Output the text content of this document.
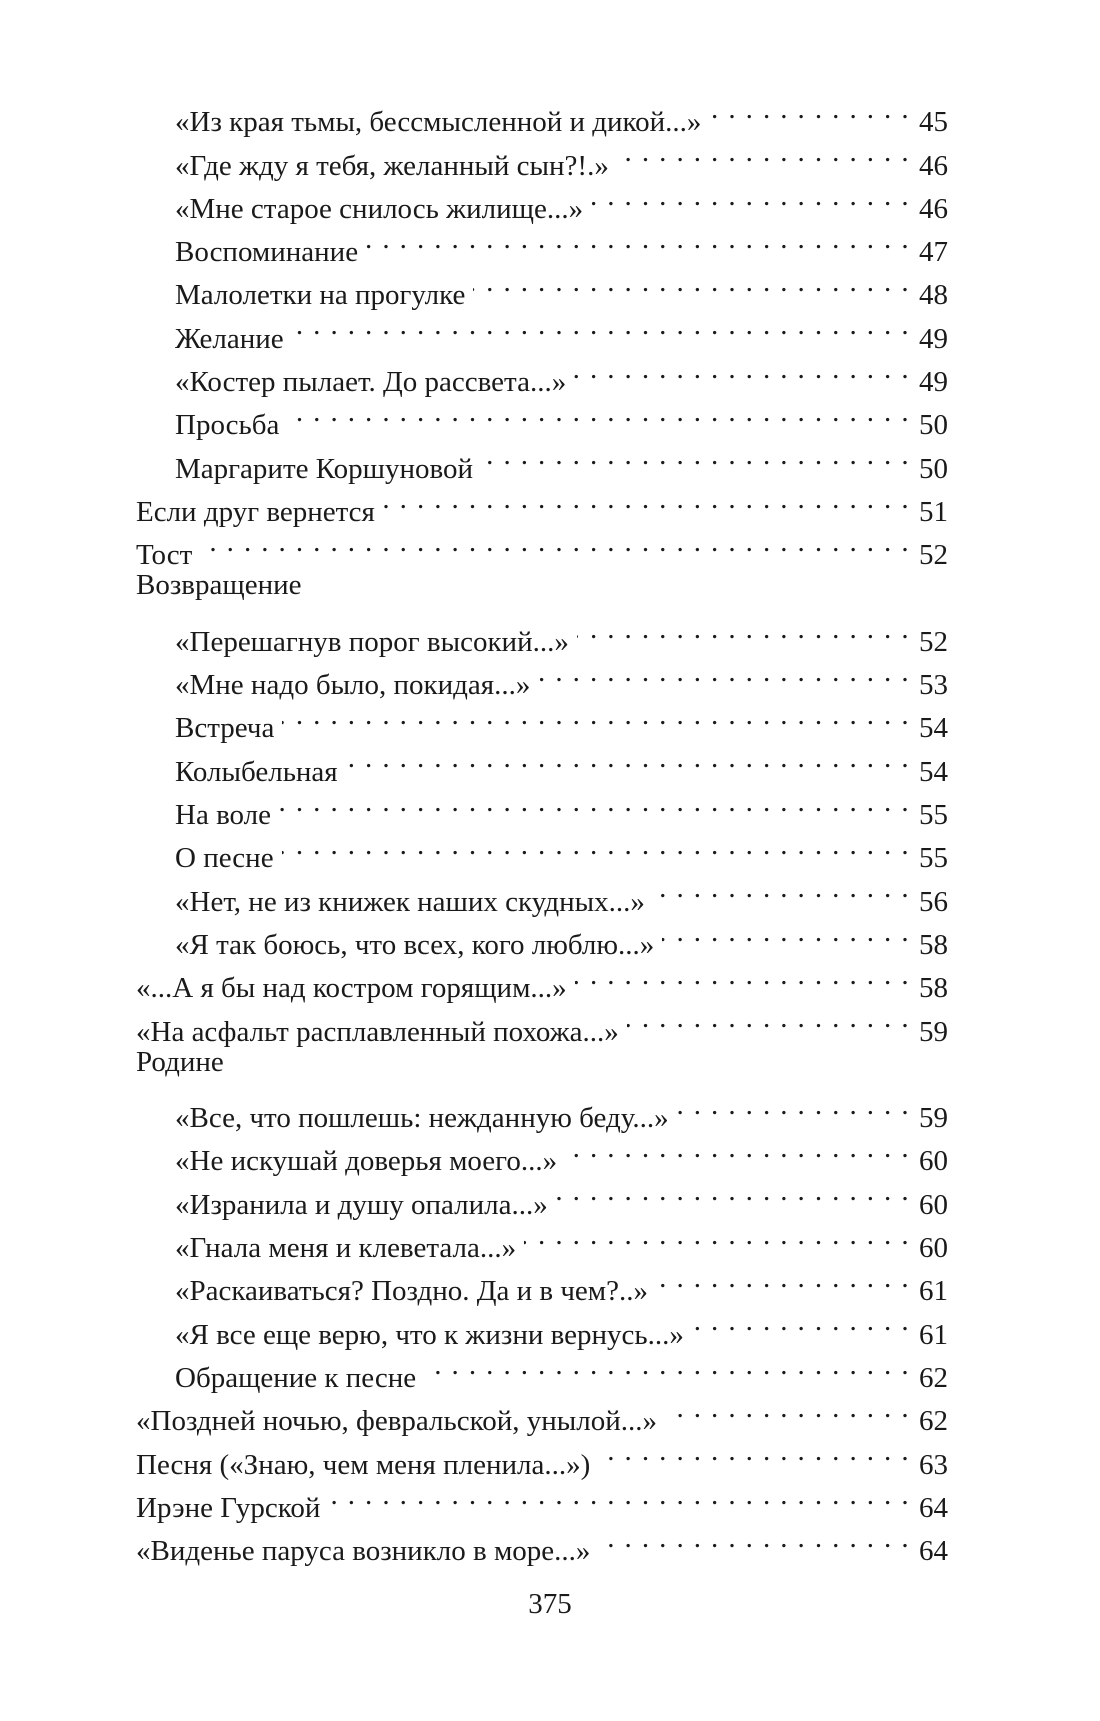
«Из края тьмы, бессмысленной и дикой...» . . .	45
«Где жду я тебя, желанный сын?!.» . . .	46
«Мне старое снилось жилище...» . . .	46
Воспоминание . . .	47
Малолетки на прогулке . . .	48
Желание . . .	49
«Костер пылает. До рассвета...» . . .	49
Просьба . . .	50
Маргарите Коршуновой . . .	50
Если друг вернется . . .	51
Тост . . .	52
Возвращение
«Перешагнув порог высокий...» . . .	52
«Мне надо было, покидая...» . . .	53
Встреча . . .	54
Колыбельная . . .	54
На воле . . .	55
О песне . . .	55
«Нет, не из книжек наших скудных...» . . .	56
«Я так боюсь, что всех, кого люблю...» . . .	58
«...А я бы над костром горящим...» . . .	58
«На асфальт расплавленный похожа...» . . .	59
Родине
«Все, что пошлешь: нежданную беду...» . . .	59
«Не искушай доверья моего...» . . .	60
«Изранила и душу опалила...» . . .	60
«Гнала меня и клеветала...» . . .	60
«Раскаиваться? Поздно. Да и в чем?..» . . .	61
«Я все еще верю, что к жизни вернусь...» . . .	61
Обращение к песне . . .	62
«Поздней ночью, февральской, унылой...» . . .	62
Песня («Знаю, чем меня пленила...») . . .	63
Ирэне Гурской . . .	64
«Виденье паруса возникло в море...» . . .	64
375
